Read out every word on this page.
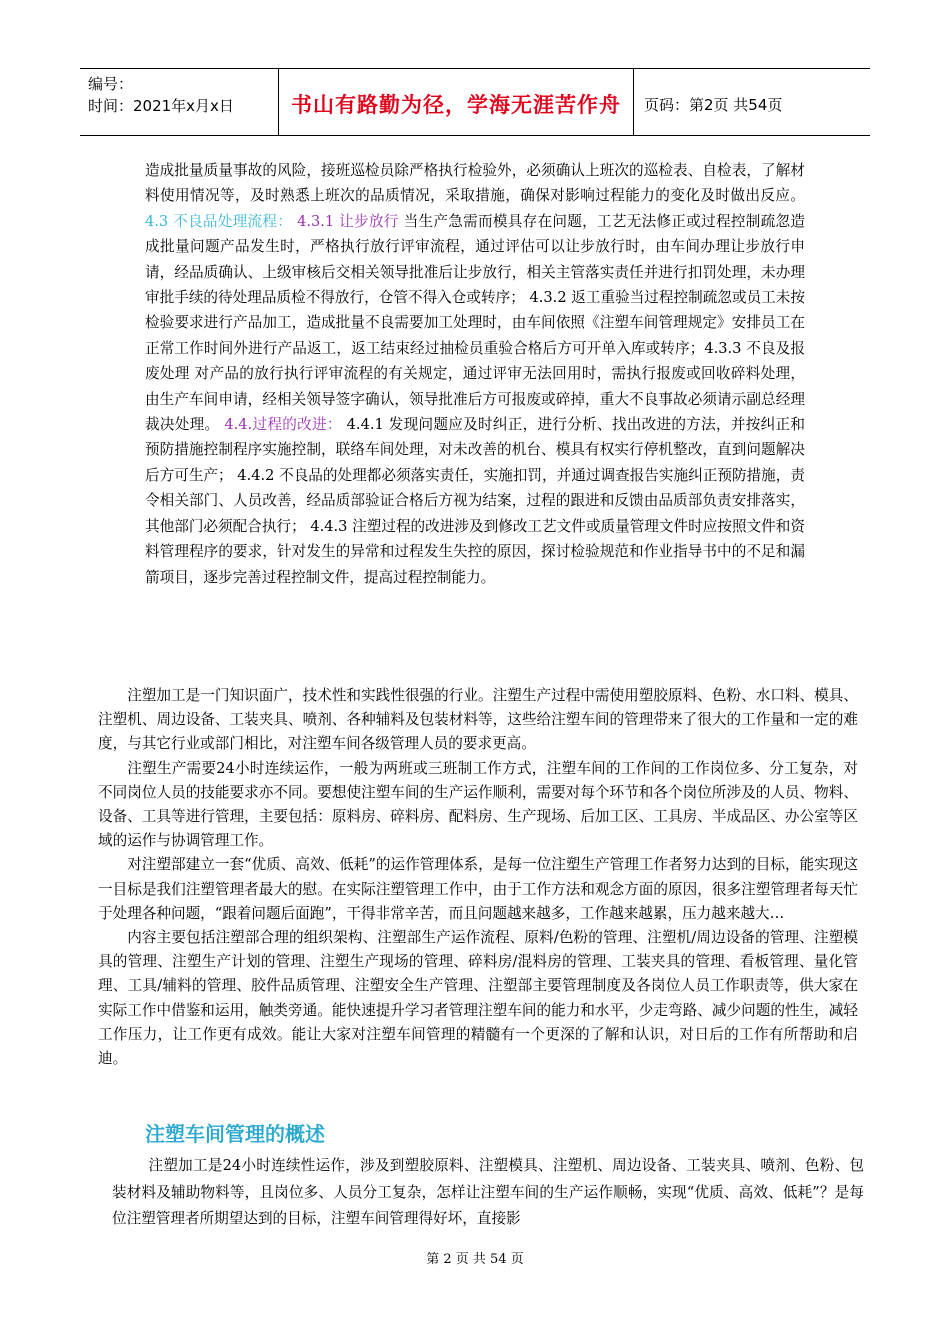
编号：
时间：2021年x月x日	书山有路勤为径，学海无涯苦作舟	页码：第2页 共54页

造成批量质量事故的风险，接班巡检员除严格执行检验外，必须确认上班次的巡检表、自检表，了解材料使用情况等，及时熟悉上班次的品质情况，采取措施，确保对影响过程能力的变化及时做出反应。 4.3 不良品处理流程： 4.3.1 让步放行 当生产急需而模具存在问题，工艺无法修正或过程控制疏忽造成批量问题产品发生时，严格执行放行评审流程，通过评估可以让步放行时，由车间办理让步放行申请，经品质确认、上级审核后交相关领导批准后让步放行，相关主管落实责任并进行扣罚处理，未办理审批手续的待处理品质检不得放行，仓管不得入仓或转序； 4.3.2 返工重验当过程控制疏忽或员工未按检验要求进行产品加工，造成批量不良需要加工处理时，由车间依照《注塑车间管理规定》安排员工在正常工作时间外进行产品返工，返工结束经过抽检员重验合格后方可开单入库或转序；4.3.3 不良及报废处理 对产品的放行执行评审流程的有关规定，通过评审无法回用时，需执行报废或回收碎料处理，由生产车间申请，经相关领导签字确认，领导批准后方可报废或碎掉，重大不良事故必须请示副总经理裁决处理。 4.4.过程的改进： 4.4.1 发现问题应及时纠正，进行分析、找出改进的方法，并按纠正和预防措施控制程序实施控制，联络车间处理，对未改善的机台、模具有权实行停机整改，直到问题解决后方可生产； 4.4.2 不良品的处理都必须落实责任，实施扣罚，并通过调查报告实施纠正预防措施，责令相关部门、人员改善，经品质部验证合格后方视为结案，过程的跟进和反馈由品质部负责安排落实，其他部门必须配合执行； 4.4.3 注塑过程的改进涉及到修改工艺文件或质量管理文件时应按照文件和资料管理程序的要求，针对发生的异常和过程发生失控的原因，探讨检验规范和作业指导书中的不足和漏箭项目，逐步完善过程控制文件，提高过程控制能力。

注塑加工是一门知识面广，技术性和实践性很强的行业。注塑生产过程中需使用塑胶原料、色粉、水口料、模具、注塑机、周边设备、工装夹具、喷剂、各种辅料及包装材料等，这些给注塑车间的管理带来了很大的工作量和一定的难度，与其它行业或部门相比，对注塑车间各级管理人员的要求更高。

注塑生产需要24小时连续运作，一般为两班或三班制工作方式，注塑车间的工作间的工作岗位多、分工复杂，对不同岗位人员的技能要求亦不同。要想使注塑车间的生产运作顺利，需要对每个环节和各个岗位所涉及的人员、物料、设备、工具等进行管理，主要包括：原料房、碎料房、配料房、生产现场、后加工区、工具房、半成品区、办公室等区域的运作与协调管理工作。

对注塑部建立一套“优质、高效、低耗”的运作管理体系，是每一位注塑生产管理工作者努力达到的目标，能实现这一目标是我们注塑管理者最大的慰。在实际注塑管理工作中，由于工作方法和观念方面的原因，很多注塑管理者每天忙于处理各种问题，“跟着问题后面跑”，干得非常辛苦，而且问题越来越多，工作越来越累，压力越来越大…

内容主要包括注塑部合理的组织架构、注塑部生产运作流程、原料/色粉的管理、注塑机/周边设备的管理、注塑模具的管理、注塑生产计划的管理、注塑生产现场的管理、碎料房/混料房的管理、工装夹具的管理、看板管理、量化管理、工具/辅料的管理、胶件品质管理、注塑安全生产管理、注塑部主要管理制度及各岗位人员工作职责等，供大家在实际工作中借鉴和运用，触类旁通。能快速提升学习者管理注塑车间的能力和水平，少走弯路、减少问题的性生，减轻工作压力，让工作更有成效。能让大家对注塑车间管理的精髓有一个更深的了解和认识，对日后的工作有所帮助和启迪。

注塑车间管理的概述

注塑加工是24小时连续性运作，涉及到塑胶原料、注塑模具、注塑机、周边设备、工装夹具、喷剂、色粉、包装材料及辅助物料等，且岗位多、人员分工复杂，怎样让注塑车间的生产运作顺畅，实现“优质、高效、低耗”？是每位注塑管理者所期望达到的目标，注塑车间管理得好坏，直接影

第 2 页 共 54 页
